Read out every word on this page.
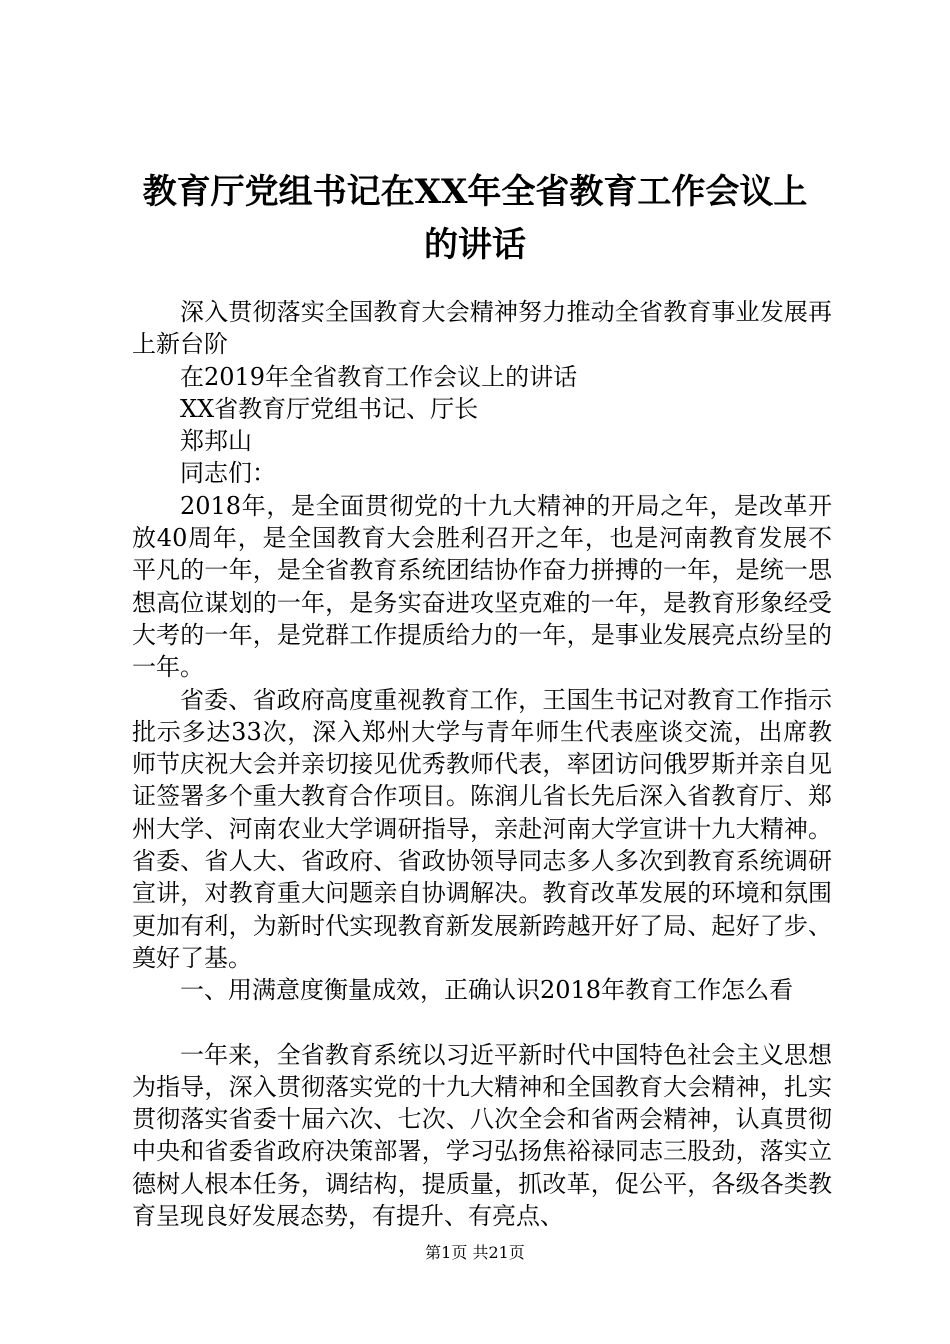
教育厅党组书记在XX年全省教育工作会议上
的讲话

深入贯彻落实全国教育大会精神努力推动全省教育事业发展再上新台阶

在2019年全省教育工作会议上的讲话

XX省教育厅党组书记、厅长

郑邦山

同志们：

2018年，是全面贯彻党的十九大精神的开局之年，是改革开放40周年，是全国教育大会胜利召开之年，也是河南教育发展不平凡的一年，是全省教育系统团结协作奋力拼搏的一年，是统一思想高位谋划的一年，是务实奋进攻坚克难的一年，是教育形象经受大考的一年，是党群工作提质给力的一年，是事业发展亮点纷呈的一年。

省委、省政府高度重视教育工作，王国生书记对教育工作指示批示多达33次，深入郑州大学与青年师生代表座谈交流，出席教师节庆祝大会并亲切接见优秀教师代表，率团访问俄罗斯并亲自见证签署多个重大教育合作项目。陈润儿省长先后深入省教育厅、郑州大学、河南农业大学调研指导，亲赴河南大学宣讲十九大精神。省委、省人大、省政府、省政协领导同志多人多次到教育系统调研宣讲，对教育重大问题亲自协调解决。教育改革发展的环境和氛围更加有利，为新时代实现教育新发展新跨越开好了局、起好了步、奠好了基。

一、用满意度衡量成效，正确认识2018年教育工作怎么看

一年来，全省教育系统以习近平新时代中国特色社会主义思想为指导，深入贯彻落实党的十九大精神和全国教育大会精神，扎实贯彻落实省委十届六次、七次、八次全会和省两会精神，认真贯彻中央和省委省政府决策部署，学习弘扬焦裕禄同志三股劲，落实立德树人根本任务，调结构，提质量，抓改革，促公平，各级各类教育呈现良好发展态势，有提升、有亮点、

第1页 共21页
